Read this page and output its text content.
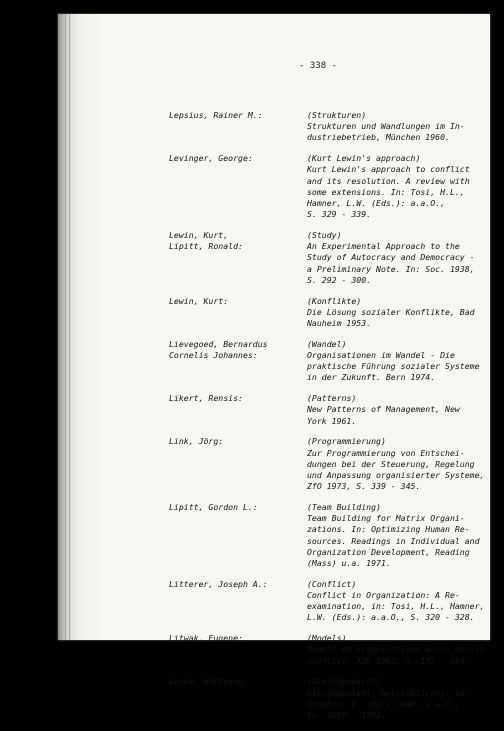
- 338 -

Lepsius, Rainer M.:	(Strukturen)
Strukturen und Wandlungen im In-
dustriebetrieb, München 1960.
Levinger, George:	(Kurt Lewin's approach)
Kurt Lewin's approach to conflict
and its resolution. A review with
some extensions. In: Tosi, H.L.,
Hamner, L.W. (Eds.): a.a.O.,
S. 329 - 339.
Lewin, Kurt,
Lipitt, Ronald:
(Study)
An Experimental Approach to the
Study of Autocracy and Democracy -
a Preliminary Note. In: Soc. 1938,
S. 292 - 300.
Lewin, Kurt:	(Konflikte)
Die Lösung sozialer Konflikte, Bad
Nauheim 1953.
Lievegoed, Bernardus
Cornelis Johannes:
(Wandel)
Organisationen im Wandel - Die
praktische Führung sozialer Systeme
in der Zukunft. Bern 1974.
Likert, Rensis:	(Patterns)
New Patterns of Management, New
York 1961.
Link, Jörg:	(Programmierung)
Zur Programmierung von Entschei-
dungen bei der Steuerung, Regelung
und Anpassung organisierter Systeme,
ZfO 1973, S. 339 - 345.
Lipitt, Gordon L.:	(Team Building)
Team Building for Matrix Organi-
zations. In: Optimizing Human Re-
sources. Readings in Individual and
Organization Development, Reading
(Mass) u.a. 1971.
Litterer, Joseph A.:	(Conflict)
Conflict in Organization: A Re-
examination, in: Tosi, H.L., Hamner,
L.W. (Eds.): a.a.O., S. 320 - 328.
Litwak, Eugene:	(Models)
Models of organizations which permit
conflict, AJS 1961, S. 177 - 184.
Lücke, Wolfgang:	(Gleichgewicht)
Gleichgewicht, betriebliches. In:
Grochla, E. (Hg.): HWO, a.a.O.,
Sp. 1697 - 1708.
